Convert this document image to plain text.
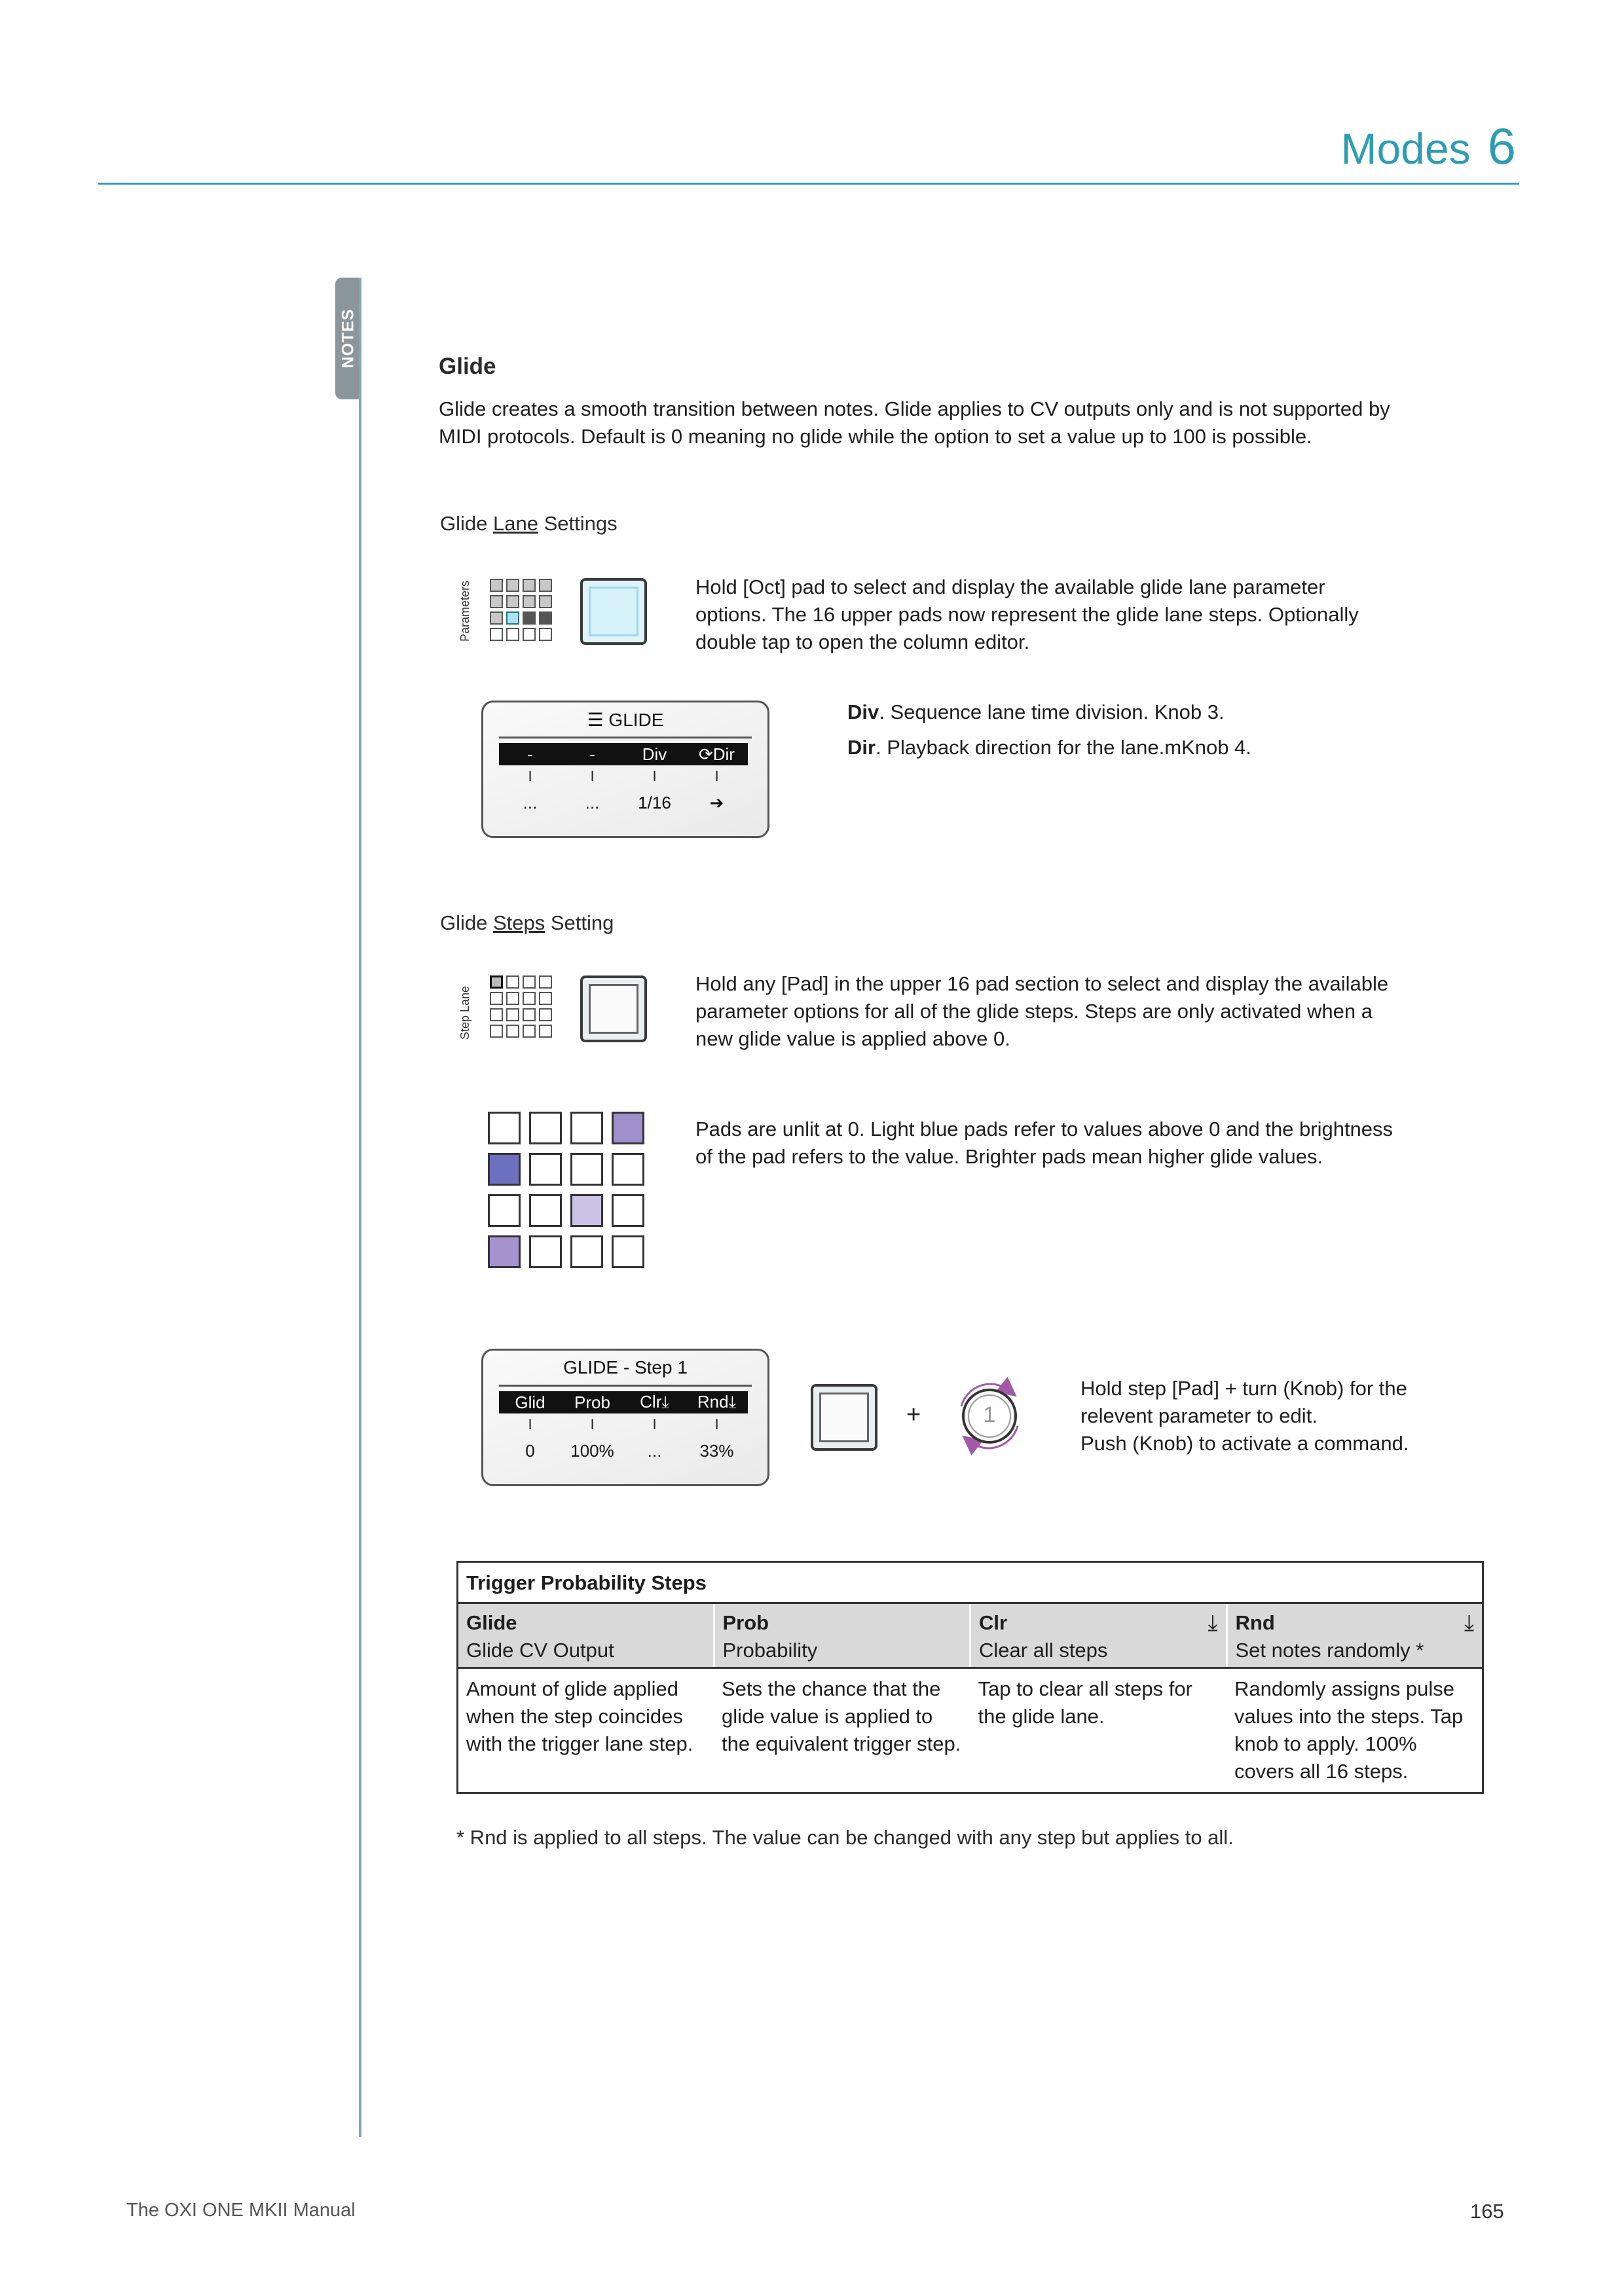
Modes 6
NOTES	Glide
Glide creates a smooth transition between notes. Glide applies to CV outputs only and is not supported by
MIDI protocols. Default is 0 meaning no glide while the option to set a value up to 100 is possible.
Glide Lane Settings
Parameters	Hold [Oct] pad to select and display the available glide lane parameter
options. The 16 upper pads now represent the glide lane steps. Optionally
double tap to open the column editor.
☰ GLIDE
-	-	Div	⟳Dir
I	I	I	I
...	...	1/16	➔
Div. Sequence lane time division. Knob 3.
Dir. Playback direction for the lane.mKnob 4.
Glide Steps Setting
Step Lane
Hold any [Pad] in the upper 16 pad section to select and display the available
parameter options for all of the glide steps. Steps are only activated when a
new glide value is applied above 0.
Pads are unlit at 0. Light blue pads refer to values above 0 and the brightness
of the pad refers to the value. Brighter pads mean higher glide values.
GLIDE - Step 1
Glid	Prob	Clr⤓	Rnd⤓
I	I	I	I
0	100%	...	33%
+	1
Hold step [Pad] + turn (Knob) for the
relevent parameter to edit.
Push (Knob) to activate a command.
Trigger Probability Steps			
Glide	Prob	Clr ⤓	Rnd ⤓

Glide CV Output	Probability	Clear all steps	Set notes randomly *
Amount of glide applied when the step coincides with the trigger lane step.	Sets the chance that the glide value is applied to the equivalent trigger step.	Tap to clear all steps for the glide lane.	Randomly assigns pulse values into the steps. Tap knob to apply. 100% covers all 16 steps.
* Rnd is applied to all steps. The value can be changed with any step but applies to all.
The OXI ONE MKII Manual	165
